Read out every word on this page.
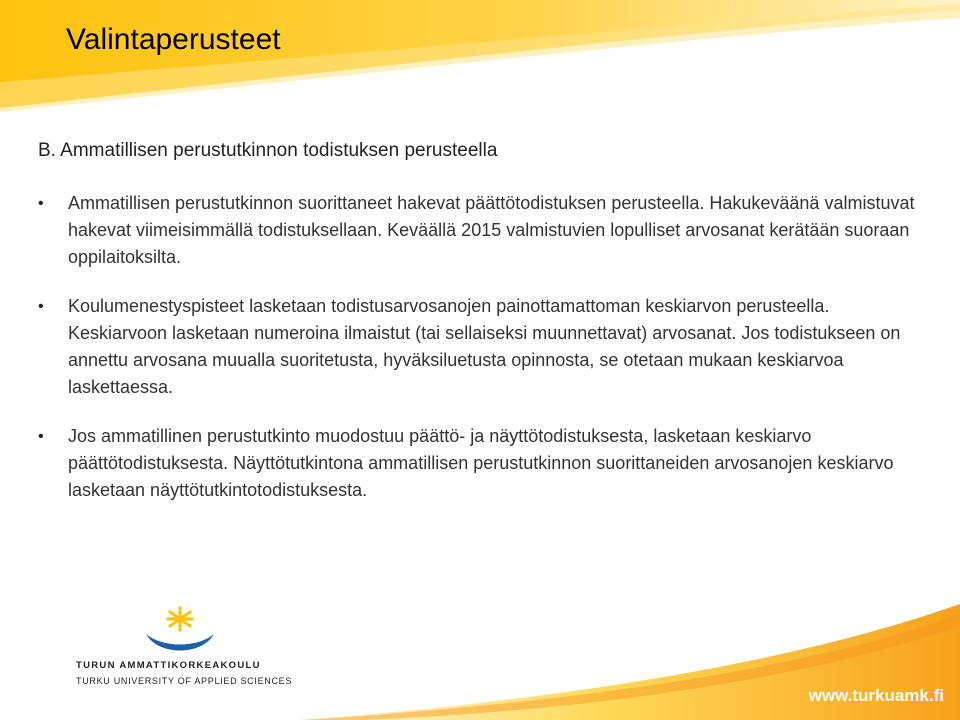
Valintaperusteet
B. Ammatillisen perustutkinnon todistuksen perusteella
•	Ammatillisen perustutkinnon suorittaneet hakevat päättötodistuksen perusteella. Hakukeväänä valmistuvat hakevat viimeisimmällä todistuksellaan. Keväällä 2015 valmistuvien lopulliset arvosanat kerätään suoraan oppilaitoksilta.
•	Koulumenestyspisteet lasketaan todistusarvosanojen painottamattoman keskiarvon perusteella. Keskiarvoon lasketaan numeroina ilmaistut (tai sellaiseksi muunnettavat) arvosanat. Jos todistukseen on annettu arvosana muualla suoritetusta, hyväksiluetusta opinnosta, se otetaan mukaan keskiarvoa laskettaessa.
•	Jos ammatillinen perustutkinto muodostuu päättö- ja näyttötodistuksesta, lasketaan keskiarvo päättötodistuksesta. Näyttötutkintona ammatillisen perustutkinnon suorittaneiden arvosanojen keskiarvo lasketaan näyttötutkintotodistuksesta.
TURUN AMMATTIKORKEAKOULU
TURKU UNIVERSITY OF APPLIED SCIENCES
www.turkuamk.fi
